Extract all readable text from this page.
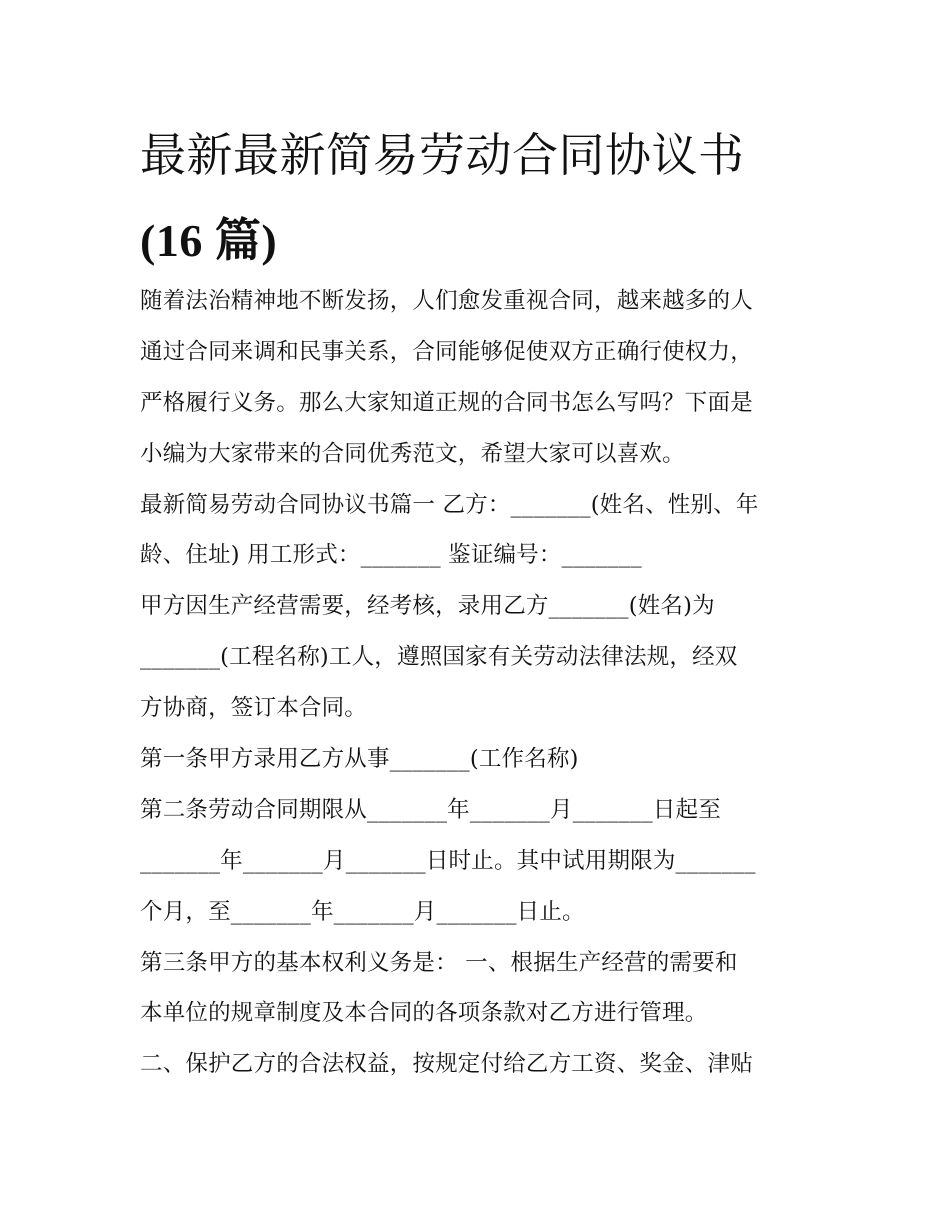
最新最新简易劳动合同协议书
(16 篇)
随着法治精神地不断发扬，人们愈发重视合同，越来越多的人
通过合同来调和民事关系，合同能够促使双方正确行使权力，
严格履行义务。那么大家知道正规的合同书怎么写吗？下面是
小编为大家带来的合同优秀范文，希望大家可以喜欢。
最新简易劳动合同协议书篇一 乙方：_______(姓名、性别、年
龄、住址) 用工形式：_______ 鉴证编号：_______
甲方因生产经营需要，经考核，录用乙方_______(姓名)为
_______(工程名称)工人，遵照国家有关劳动法律法规，经双
方协商，签订本合同。
第一条甲方录用乙方从事_______(工作名称)
第二条劳动合同期限从_______年_______月_______日起至
_______年_______月_______日时止。其中试用期限为_______
个月，至_______年_______月_______日止。
第三条甲方的基本权利义务是： 一、根据生产经营的需要和
本单位的规章制度及本合同的各项条款对乙方进行管理。
二、保护乙方的合法权益，按规定付给乙方工资、奖金、津贴
